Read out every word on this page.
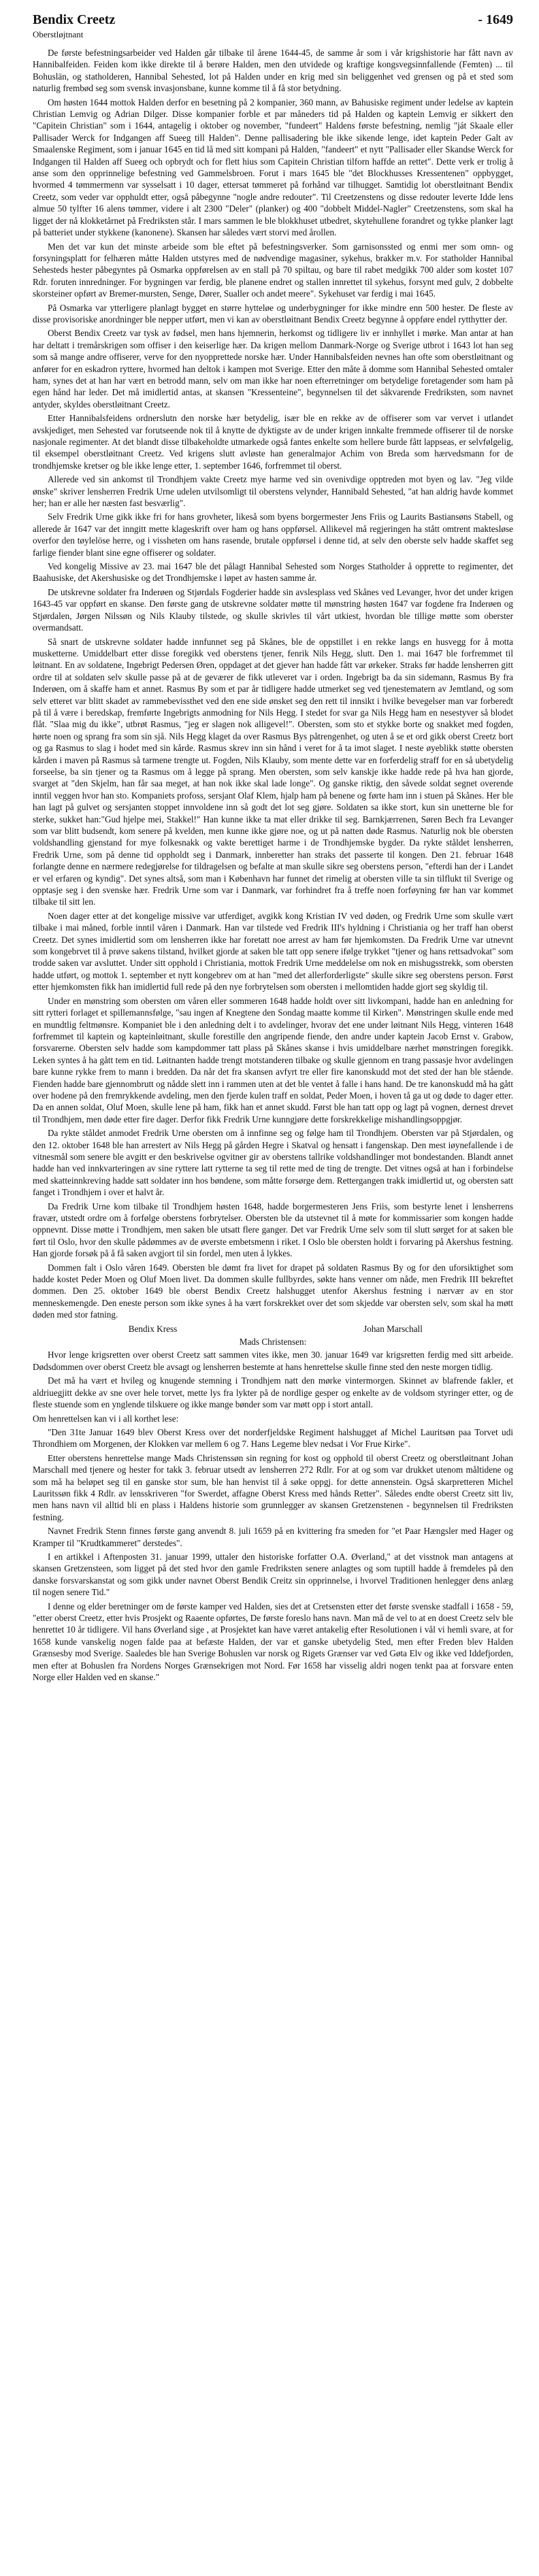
Bendix Creetz	- 1649
Oberstløjtnant

De første befestningsarbeider ved Halden går tilbake til årene 1644-45, de samme år som i vår krigshistorie har fått navn av Hannibalfeiden. Feiden kom ikke direkte til å berøre Halden, men den utvidede og kraftige kongsvegsinnfallende (Femten) ... til Bohuslän, og statholderen, Hannibal Sehested, lot på Halden under en krig med sin beliggenhet ved grensen og på et sted som naturlig frembød seg som svensk invasjonsbane, kunne komme til å få stor betydning.

Om høsten 1644 mottok Halden derfor en besetning på 2 kompanier, 360 mann, av Bahusiske regiment under ledelse av kaptein Christian Lemvig og Adrian Dilger. Disse kompanier forble et par måneders tid på Halden og kaptein Lemvig er sikkert den "Capitein Christian" som i 1644, antagelig i oktober og november, "fundeert" Haldens første befestning, nemlig "ját Skaale eller Pallisader Werck for Indgangen aff Sueeg till Halden". Denne pallisadering ble ikke sikende lenge, idet kaptein Peder Galt av Smaalenske Regiment, som i januar 1645 en tid lå med sitt kompani på Halden, "fandeert" et nytt "Pallisader eller Skandse Werck for Indgangen til Halden aff Sueeg och opbrydt och for flett hius som Capitein Christian tilforn haffde an rettet". Dette verk er trolig å anse som den opprinnelige befestning ved Gammelsbroen. Forut i mars 1645 ble "det Blockhusses Kressentenen" oppbygget, hvormed 4 tømmermenn var sysselsatt i 10 dager, ettersat tømmeret på forhånd var tilhugget. Samtidig lot oberstløitnant Bendix Creetz, som veder var opphuldt etter, også påbegynne "nogle andre redouter". Til Creetzenstens og disse redouter leverte Idde lens almue 50 tylfter 16 alens tømmer, videre i alt 2300 "Deler" (planker) og 400 "dobbelt Middel-Nagler" Creetzenstens, som skal ha ligget der nå klokketårnet på Fredriksten står. I mars sammen le ble blokkhuset utbedret, skytehullene forandret og tykke planker lagt på batteriet under stykkene (kanonene). Skansen har således vært storvi med årollen.

Men det var kun det minste arbeide som ble eftet på befestningsverker. Som garnisonssted og enmi mer som omn- og forsyningsplatt for felhæren måtte Halden utstyres med de nødvendige magasiner, sykehus, brakker m.v. For statholder Hannibal Sehesteds hester påbegyntes på Osmarka oppførelsen av en stall på 70 spiltau, og bare til rabet medgikk 700 alder som kostet 107 Rdr. foruten innredninger. For bygningen var ferdig, ble planene endret og stallen innrettet til sykehus, forsynt med gulv, 2 dobbelte skorsteiner opført av Bremer-mursten, Senge, Dører, Sualler och andet meere". Sykehuset var ferdig i mai 1645.

På Osmarka var ytterligere planlagt bygget en større hytteløe og underbygninger for ikke mindre enn 500 hester. De fleste av disse provisoriske anordninger ble nepper utført, men vi kan av oberstløitnant Bendix Creetz begynne å oppføre endel rytthytter der.

Oberst Bendix Creetz var tysk av fødsel, men hans hjemnerin, herkomst og tidligere liv er innhyllet i mørke. Man antar at han har deltatt i tremårskrigen som offiser i den keiserlige hær. Da krigen mellom Danmark-Norge og Sverige utbrot i 1643 lot han seg som så mange andre offiserer, verve for den nyopprettede norske hær. Under Hannibalsfeiden nevnes han ofte som oberstløitnant og anfører for en eskadron ryttere, hvormed han deltok i kampen mot Sverige. Etter den måte å domme som Hannibal Sehested omtaler ham, synes det at han har vært en betrodd mann, selv om man ikke har noen efterretninger om betydelige foretagender som ham på egen hånd har leder. Det må imidlertid antas, at skansen "Kressenteine", begynnelsen til det såkvarende Fredriksten, som navnet antyder, skyldes oberstløitnant Creetz.

Etter Hannibalsfeidens ordnerslutn den norske hær betydelig, især ble en rekke av de offiserer som var vervet i utlandet avskjediget, men Sehested var forutseende nok til å knytte de dyktigste av de under krigen innkalte fremmede offiserer til de norske nasjonale regimenter. At det blandt disse tilbakeholdte utmarkede også fantes enkelte som hellere burde fått lappseas, er selvfølgelig, til eksempel oberstløitnant Creetz. Ved krigens slutt avløste han generalmajor Achim von Breda som hærvedsmann for de trondhjemske kretser og ble ikke lenge etter, 1. september 1646, forfremmet til oberst.

Allerede ved sin ankomst til Trondhjem vakte Creetz mye harme ved sin ovenivdige opptreden mot byen og lav. "Jeg vilde ønske" skriver lensherren Fredrik Urne udelen utvilsomligt til oberstens velynder, Hannibald Sehested, "at han aldrig havde kommet her; han er alle her næsten fast besværlig".

Selv Fredrik Urne gikk ikke fri for hans grovheter, likeså som byens borgermester Jens Friis og Laurits Bastiansøns Stabell, og allerede år 1647 var det inngitt mette klageskrift over ham og hans oppførsel. Allikevel må regjeringen ha stått omtrent maktesløse overfor den tøylelöse herre, og i vissheten om hans rasende, brutale oppførsel i denne tid, at selv den oberste selv hadde skaffet seg farlige fiender blant sine egne offiserer og soldater.

Ved kongelig Missive av 23. mai 1647 ble det pålagt Hannibal Sehested som Norges Statholder å opprette to regimenter, det Baahusiske, det Akershusiske og det Trondhjemske i løpet av hasten samme år.

De utskrevne soldater fra Inderøen og Stjørdals Fogderier hadde sin avslesplass ved Skånes ved Levanger, hvor det under krigen 1643-45 var oppført en skanse. Den første gang de utskrevne soldater møtte til mønstring høsten 1647 var fogdene fra Inderøen og Stjørdalen, Jørgen Nilssøn og Nils Klauby tilstede, og skulle skrivles til vårt utkiest, hvordan ble tillige møtte som oberster overmandsatt.

Så snart de utskrevne soldater hadde innfunnet seg på Skånes, ble de oppstillet i en rekke langs en husvegg for å motta musketterne. Umiddelbart etter disse foregikk ved oberstens tjener, fenrik Nils Hegg, slutt. Den 1. mai 1647 ble forfremmet til løitnant. En av soldatene, Ingebrigt Pedersen Øren, oppdaget at det gjever han hadde fått var ørkeker. Straks før hadde lensherren gitt ordre til at soldaten selv skulle passe på at de geværer de fikk utleveret var i orden. Ingebrigt ba da sin sidemann, Rasmus By fra Inderøen, om å skaffe ham et annet. Rasmus By som et par år tidligere hadde utmerket seg ved tjenestematern av Jemtland, og som selv etteret var blitt skadet av rammebevissthet ved den ene side ønsket seg den rett til innsikt i hvilke bevegelser man var forberedt på til å være i beredskap, fremførte Ingebrigts anmodning for Nils Hegg. I stedet for svar ga Nils Hegg ham en nesestyver så blodet flåt. "Slaa mig du ikke", utbrøt Rasmus, "jeg er slagen nok alligevel!". Obersten, som sto et stykke borte og snakket med fogden, hørte noen og sprang fra som sin sjå. Nils Hegg klaget da over Rasmus Bys påtrengenhet, og uten å se et ord gikk oberst Creetz bort og ga Rasmus to slag i hodet med sin kårde. Rasmus skrev inn sin hånd i veret for å ta imot slaget. I neste øyeblikk støtte obersten kården i maven på Rasmus så tarmene trengte ut. Fogden, Nils Klauby, som mente dette var en forferdelig straff for en så ubetydelig forseelse, ba sin tjener og ta Rasmus om å legge på sprang. Men obersten, som selv kanskje ikke hadde rede på hva han gjorde, svarget at "den Skjelm, han får saa meget, at han nok ikke skal lade longe". Og ganske riktig, den såvede soldat segnet overende inntil veggen hvor han sto. Kompaniets profoss, sersjant Olaf Klem, hjalp ham på benene og førte ham inn i stuen på Skånes. Her ble han lagt på gulvet og sersjanten stoppet innvoldene inn så godt det lot seg gjøre. Soldaten sa ikke stort, kun sin unetterne ble for sterke, sukket han:"Gud hjelpe mei, Stakkel!" Han kunne ikke ta mat eller drikke til seg. Barnkjærrenen, Søren Bech fra Levanger som var blitt budsendt, kom senere på kvelden, men kunne ikke gjøre noe, og ut på natten døde Rasmus. Naturlig nok ble obersten voldshandling gjenstand for mye folkesnakk og vakte berettiget harme i de Trondhjemske bygder. Da rykte ståldet lensherren, Fredrik Urne, som på denne tid oppholdt seg i Danmark, innberetter han straks det passerte til kongen. Den 21. februar 1648 forlangte denne en nærmere redegjørelse for tildragelsen og befalte at man skulle sikre seg oberstens person, "efterdi han der i Landet er vel erfaren og kyndig". Det synes altså, som man i København har funnet det rimelig at obersten ville ta sin tilflukt til Sverige og opptasje seg i den svenske hær. Fredrik Urne som var i Danmark, var forhindret fra å treffe noen forføyning før han var kommet tilbake til sitt len.

Noen dager etter at det kongelige missive var utferdiget, avgikk kong Kristian IV ved døden, og Fredrik Urne som skulle vært tilbake i mai måned, forble inntil våren i Danmark. Han var tilstede ved Fredrik III's hyldning i Christiania og her traff han oberst Creetz. Det synes imidlertid som om lensherren ikke har foretatt noe arrest av ham før hjemkomsten. Da Fredrik Urne var utnevnt som kongebrvet til å prøve sakens tilstand, hvilket gjorde at saken ble tatt opp senere ifølge trykket "tjener og hans rettsadvokat" som trodde saken var avsluttet. Under sitt opphold i Christiania, mottok Fredrik Urne meddelelse om nok en mishugsstrekk, som obersten hadde utført, og mottok 1. september et nytt kongebrev om at han "med det allerforderligste" skulle sikre seg oberstens person. Først etter hjemkomsten fikk han imidlertid full rede på den nye forbrytelsen som obersten i mellomtiden hadde gjort seg skyldig til.

Under en mønstring som obersten om våren eller sommeren 1648 hadde holdt over sitt livkompani, hadde han en anledning for sitt rytteri forlaget et spillemannsfølge, "sau ingen af Knegtene den Sondag maatte komme til Kirken". Mønstringen skulle ende med en mundtlig feltmønsre. Kompaniet ble i den anledning delt i to avdelinger, hvorav det ene under løitnant Nils Hegg, vinteren 1648 forfremmet til kaptein og kapteinløitnant, skulle forestille den angripende fiende, den andre under kaptein Jacob Ernst v. Grabow, forsvarerne. Obersten selv hadde som kampdommer tatt plass på Skånes skanse i hvis umiddelbare nærhet mønstringen foregikk. Leken syntes å ha gått tem en tid. Løitnanten hadde trengt motstanderen tilbake og skulle gjennom en trang passasje hvor avdelingen bare kunne rykke frem to mann i bredden. Da når det fra skansen avfyrt tre eller fire kanonskudd mot det sted der han ble stående. Fienden hadde bare gjennombrutt og nådde slett inn i rammen uten at det ble ventet å falle i hans hand. De tre kanonskudd må ha gått over hodene på den fremrykkende avdeling, men den fjerde kulen traff en soldat, Peder Moen, i hoven tå ga ut og døde to dager etter. Da en annen soldat, Oluf Moen, skulle lene på ham, fikk han et annet skudd. Først ble han tatt opp og lagt på vognen, dernest drevet til Trondhjem, men døde etter fire dager. Derfor fikk Fredrik Urne kunngjøre dette forskrekkelige mishandlingsoppgjør.

Da rykte ståldet anmodet Fredrik Urne obersten om å innfinne seg og følge ham til Trondhjem. Obersten var på Stjørdalen, og den 12. oktober 1648 ble han arrestert av Nils Hegg på gården Hegre i Skatval og hensatt i fangenskap. Den mest iøynefallende i de vitnesmål som senere ble avgitt er den beskrivelse ogvitner gir av oberstens tallrike voldshandlinger mot bondestanden. Blandt annet hadde han ved innkvarteringen av sine ryttere latt rytterne ta seg til rette med de ting de trengte. Det vitnes også at han i forbindelse med skatteinnkreving hadde satt soldater inn hos bøndene, som måtte forsørge dem. Rettergangen trakk imidlertid ut, og obersten satt fanget i Trondhjem i over et halvt år.

Da Fredrik Urne kom tilbake til Trondhjem høsten 1648, hadde borgermesteren Jens Friis, som bestyrte lenet i lensherrens fravær, utstedt ordre om å forfølge oberstens forbrytelser. Obersten ble da utstevnet til å møte for kommissarier som kongen hadde oppnevnt. Disse møtte i Trondhjem, men saken ble utsatt flere ganger. Det var Fredrik Urne selv som til slutt sørget for at saken ble ført til Oslo, hvor den skulle pådømmes av de øverste embetsmenn i riket. I Oslo ble obersten holdt i forvaring på Akershus festning. Han gjorde forsøk på å få saken avgjort til sin fordel, men uten å lykkes.

Dommen falt i Oslo våren 1649. Obersten ble dømt fra livet for drapet på soldaten Rasmus By og for den uforsiktighet som hadde kostet Peder Moen og Oluf Moen livet. Da dommen skulle fullbyrdes, søkte hans venner om nåde, men Fredrik III bekreftet dommen. Den 25. oktober 1649 ble oberst Bendix Creetz halshugget utenfor Akershus festning i nærvær av en stor menneskemengde. Den eneste person som ikke synes å ha vært forskrekket over det som skjedde var obersten selv, som skal ha møtt døden med stor fatning.

Bendix Kress	Johan Marschall
Mads Christensen:

Hvor lenge krigsretten over oberst Creetz satt sammen vites ikke, men 30. januar 1649 var krigsretten ferdig med sitt arbeide. Dødsdommen over oberst Creetz ble avsagt og lensherren bestemte at hans henrettelse skulle finne sted den neste morgen tidlig.

Det må ha vært et hvileg og knugende stemning i Trondhjem natt den mørke vintermorgen. Skinnet av blafrende fakler, et aldriuegjitt dekke av sne over hele torvet, mette lys fra lykter på de nordlige gesper og enkelte av de voldsom styringer etter, og de fleste stuende som en ynglende tilskuere og ikke mange bønder som var møtt opp i stort antall.

Om henrettelsen kan vi i all korthet lese:

"Den 31te Januar 1649 blev Oberst Kress over det norderfjeldske Regiment halshugget af Michel Lauritsøn paa Torvet udi Throndhiem om Morgenen, der Klokken var mellem 6 og 7. Hans Legeme blev nedsat i Vor Frue Kirke".

Etter oberstens henrettelse mange Mads Christenssøn sin regning for kost og opphold til oberst Creetz og oberstløitnant Johan Marschall med tjenere og hester for takk 3. februar utsedt av lensherren 272 Rdlr. For at og som var drukket utenom måltidene og som må ha beløpet seg til en ganske stor sum, ble han henvist til å søke oppgj. for dette annenstein. Også skarpretteren Michel Lauritssøn fikk 4 Rdlr. av lensskriveren "for Swerdet, affagne Oberst Kress med hånds Retter". Således endte oberst Creetz sitt liv, men hans navn vil alltid bli en plass i Haldens historie som grunnlegger av skansen Gretzenstenen - begynnelsen til Fredriksten festning.

Navnet Fredrik Stenn finnes første gang anvendt 8. juli 1659 på en kvittering fra smeden for "et Paar Hængsler med Hager og Kramper til "Krudtkammeret" derstedes".

I en artikkel i Aftenposten 31. januar 1999, uttaler den historiske forfatter O.A. Øverland," at det visstnok man antagens at skansen Gretzensteen, som ligget på det sted hvor den gamle Fredriksten senere anlagtes og som tuptill hadde å fremdeles på den danske forsvarskanstat og som gikk under navnet Oberst Bendik Creitz sin opprinnelse, i hvorvel Traditionen henlegger dens anlæg til nogen senere Tid."

I denne og elder beretninger om de første kamper ved Halden, sies det at Cretsensten etter det første svenske stadfall i 1658 - 59, "etter oberst Creetz, etter hvis Prosjekt og Raaente opførtes, De første foreslo hans navn. Man må de vel to at en doest Creetz selv ble henrettet 10 år tidligere. Vil hans Øverland sige , at Prosjektet kan have været antakelig efter Resolutionen i vål vi hemli svare, at for 1658 kunde vanskelig nogen falde paa at befæste Halden, der var et ganske ubetydelig Sted, men efter Freden blev Halden Grænsesby mod Sverige. Saaledes ble han Sverige Bohuslen var norsk og Rigets Grænser var ved Gøta Elv og ikke ved Iddefjorden, men efter at Bohuslen fra Nordens Norges Grænsekrigen mot Nord. Før 1658 har visselig aldri nogen tenkt paa at forsvare enten Norge eller Halden ved en skanse."
